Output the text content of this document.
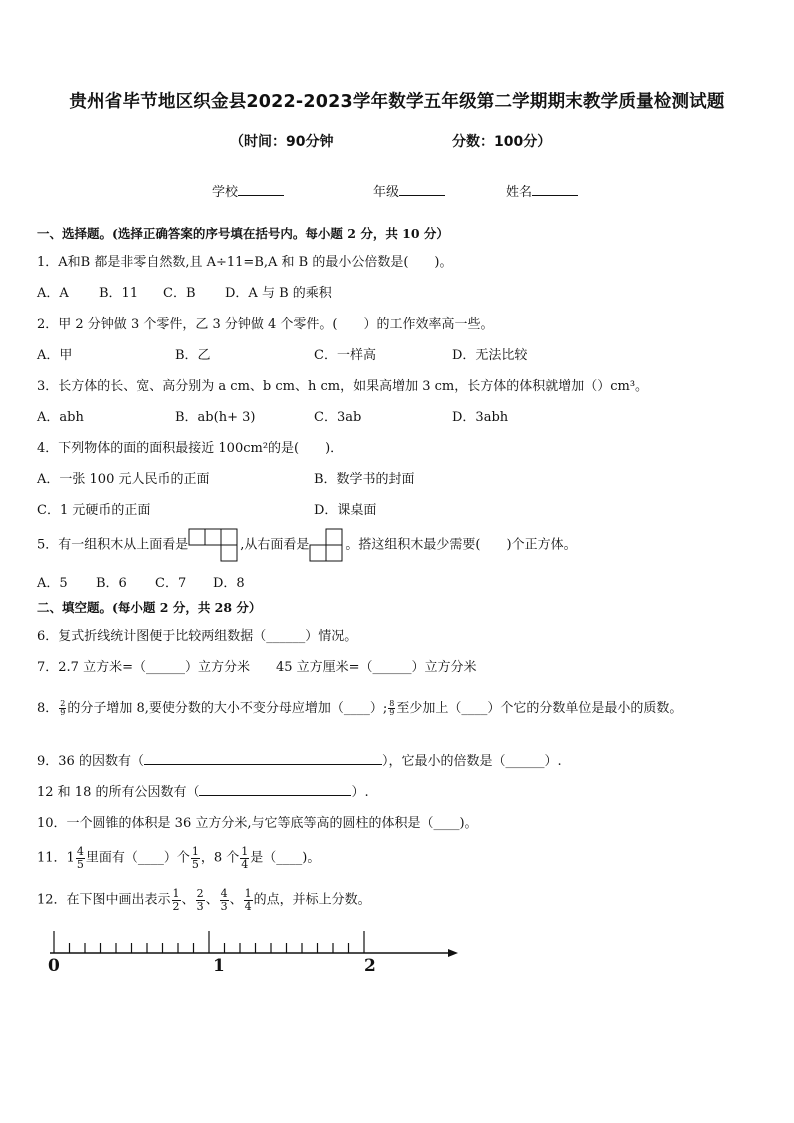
贵州省毕节地区织金县2022-2023学年数学五年级第二学期期末教学质量检测试题
（时间：90分钟	分数：100分）
学校	年级	姓名
一、选择题。(选择正确答案的序号填在括号内。每小题 2 分，共 10 分）
1．A和B 都是非零自然数,且 A÷11=B,A 和 B 的最小公倍数是(　　)。
A．A B．11 C．B D．A 与 B 的乘积
2．甲 2 分钟做 3 个零件，乙 3 分钟做 4 个零件。(　　）的工作效率高一些。
A．甲	B．乙	C．一样高	D．无法比较
3．长方体的长、宽、高分别为 a cm、b cm、h cm，如果高增加 3 cm，长方体的体积就增加（）cm³。
A．abh	B．ab(h+ 3)	C．3ab	D．3abh
4．下列物体的面的面积最接近 100cm²的是(　　)．
A．一张 100 元人民币的正面	B．数学书的封面
C．1 元硬币的正面	D．课桌面
5．有一组积木从上面看是	,从右面看是	。搭这组积木最少需要(　　)个正方体。
A．5 B．6 C．7 D．8
二、填空题。(每小题 2 分，共 28 分）
6．复式折线统计图便于比较两组数据（______）情况。
7．2.7 立方米=（______）立方分米　　45 立方厘米=（______）立方分米
8． $\frac{2}{9}$ 的分子增加 8,要使分数的大小不变分母应增加（____）; $\frac{8}{9}$ 至少加上（____）个它的分数单位是最小的质数。
9．36 的因数有（	），它最小的倍数是（______）.
12 和 18 的所有公因数有（	）.
10．一个圆锥的体积是 36 立方分米,与它等底等高的圆柱的体积是（____)。
11．$1 \frac{4}{5}$ 里面有（____）个 $\frac{1}{5}$ ，8 个 $\frac{1}{4}$ 是（____)。
12．在下图中画出表示 $\frac{1}{2}$ 、 $\frac{2}{3}$ 、 $\frac{4}{3}$ 、 $\frac{1}{4}$ 的点，并标上分数。
0	1	2
